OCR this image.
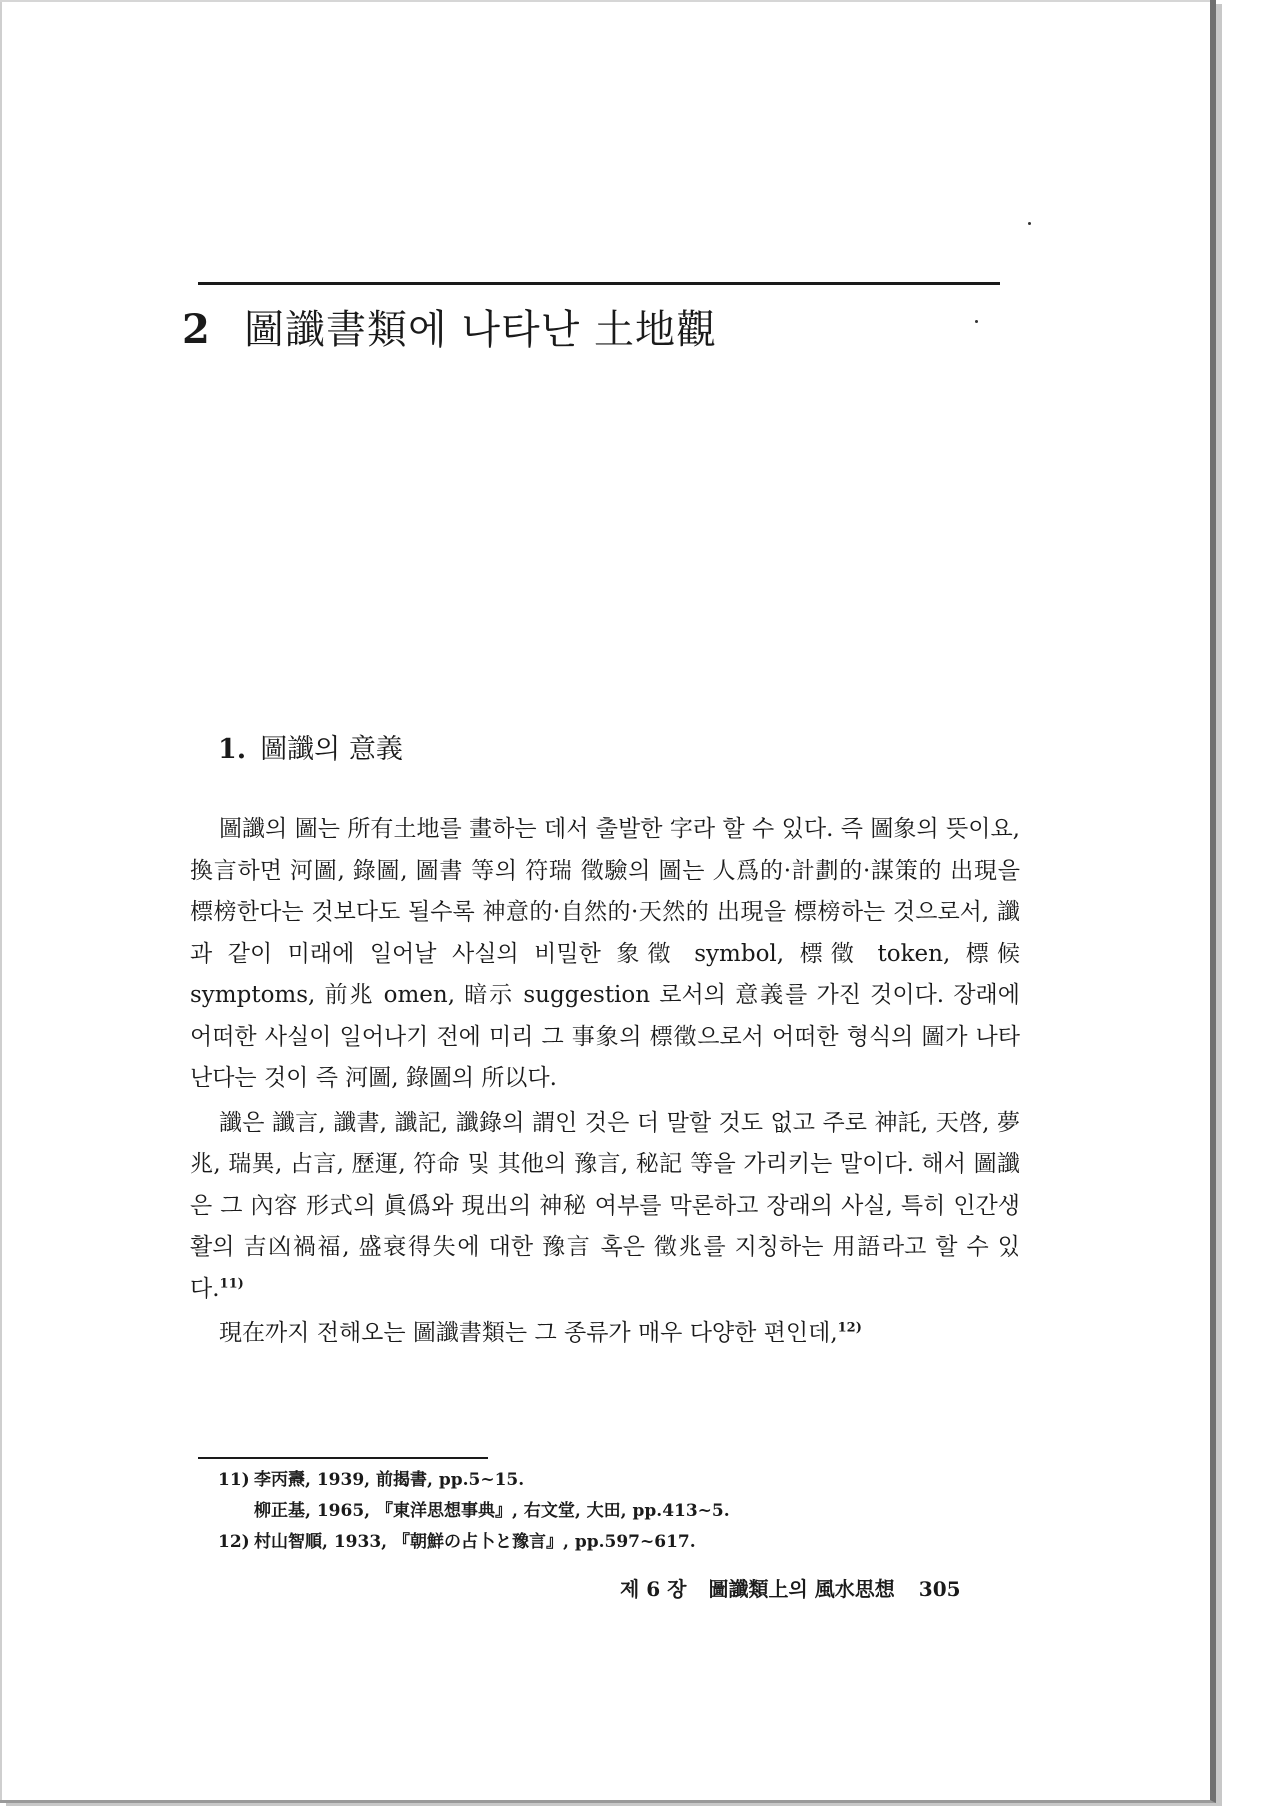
2 圖讖書類에 나타난 土地觀
1. 圖讖의 意義

圖讖의 圖는 所有土地를 畫하는 데서 출발한 字라 할 수 있다. 즉 圖象의 뜻이요, 換言하면 河圖, 錄圖, 圖書 等의 符瑞 徵驗의 圖는 人爲的·計劃的·謀策的 出現을 標榜한다는 것보다도 될수록 神意的·自然的·天然的 出現을 標榜하는 것으로서, 讖과 같이 미래에 일어날 사실의 비밀한 象徵 symbol, 標徵 token, 標候 symptoms, 前兆 omen, 暗示 suggestion 로서의 意義를 가진 것이다. 장래에 어떠한 사실이 일어나기 전에 미리 그 事象의 標徵으로서 어떠한 형식의 圖가 나타난다는 것이 즉 河圖, 錄圖의 所以다.

讖은 讖言, 讖書, 讖記, 讖錄의 謂인 것은 더 말할 것도 없고 주로 神託, 天啓, 夢兆, 瑞異, 占言, 歷運, 符命 및 其他의 豫言, 秘記 等을 가리키는 말이다. 해서 圖讖은 그 內容 形式의 眞僞와 現出의 神秘 여부를 막론하고 장래의 사실, 특히 인간생활의 吉凶禍福, 盛衰得失에 대한 豫言 혹은 徵兆를 지칭하는 用語라고 할 수 있다.$^{11)}$

現在까지 전해오는 圖讖書類는 그 종류가 매우 다양한 편인데,$^{12)}$

11) 李丙燾, 1939, 前揭書, pp.5~15.
柳正基, 1965, 『東洋思想事典』, 右文堂, 大田, pp.413~5.
12) 村山智順, 1933, 『朝鮮の占卜と豫言』, pp.597~617.
제 6 장 圖讖類上의 風水思想 305
